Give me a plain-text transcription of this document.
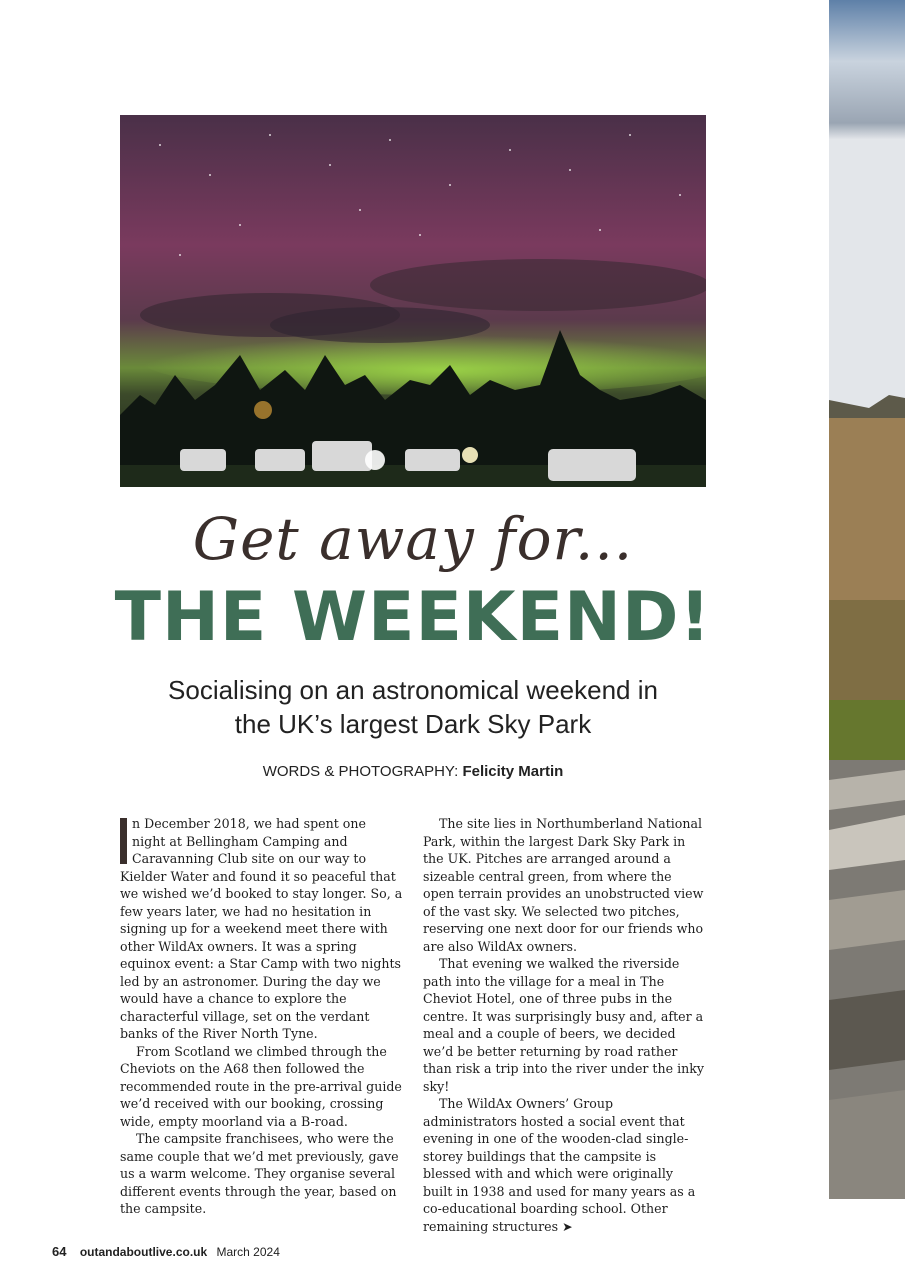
Get away for...
THE WEEKEND!
Socialising on an astronomical weekend in
the UK’s largest Dark Sky Park
WORDS & PHOTOGRAPHY: Felicity Martin

n December 2018, we had spent one night at Bellingham Camping and Caravanning Club site on our way to Kielder Water and found it so peaceful that we wished we’d booked to stay longer. So, a few years later, we had no hesitation in signing up for a weekend meet there with other WildAx owners. It was a spring equinox event: a Star Camp with two nights led by an astronomer. During the day we would have a chance to explore the characterful village, set on the verdant banks of the River North Tyne.

From Scotland we climbed through the Cheviots on the A68 then followed the recommended route in the pre-arrival guide we’d received with our booking, crossing wide, empty moorland via a B-road.

The campsite franchisees, who were the same couple that we’d met previously, gave us a warm welcome. They organise several different events through the year, based on the campsite.

The site lies in Northumberland National Park, within the largest Dark Sky Park in the UK. Pitches are arranged around a sizeable central green, from where the open terrain provides an unobstructed view of the vast sky. We selected two pitches, reserving one next door for our friends who are also WildAx owners.

That evening we walked the riverside path into the village for a meal in The Cheviot Hotel, one of three pubs in the centre. It was surprisingly busy and, after a meal and a couple of beers, we decided we’d be better returning by road rather than risk a trip into the river under the inky sky!

The WildAx Owners’ Group administrators hosted a social event that evening in one of the wooden-clad single-storey buildings that the campsite is blessed with and which were originally built in 1938 and used for many years as a co-educational boarding school. Other remaining structures ➤

64 outandaboutlive.co.uk March 2024
